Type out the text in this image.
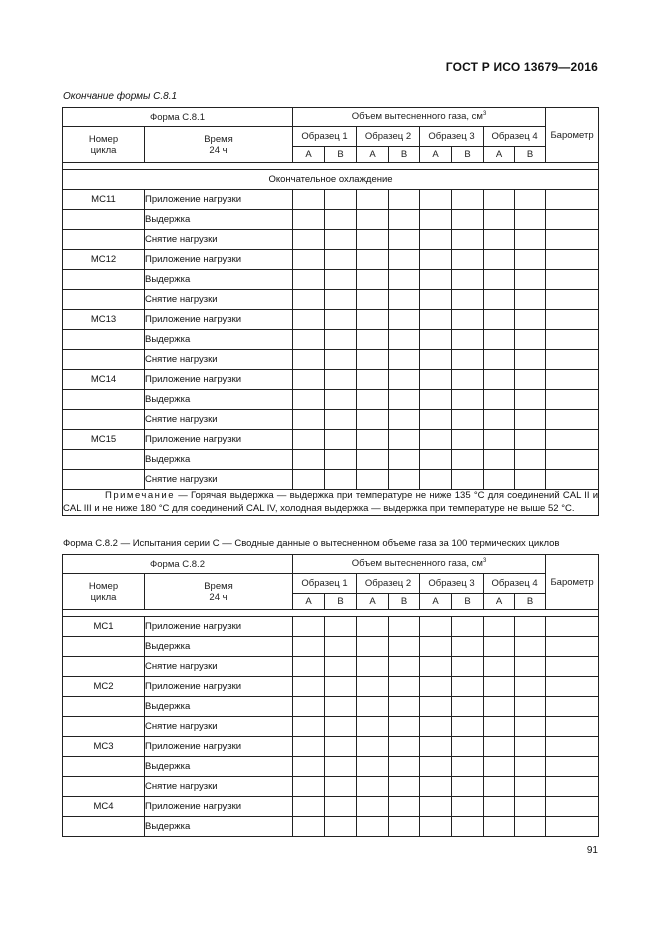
ГОСТ Р ИСО 13679—2016
Окончание формы С.8.1
Форма С.8.1		Объем вытесненного газа, $см^3$								Барометр
Номер
цикла	Время
24 ч	Образец 1		Образец 2		Образец 3		Образец 4		
		А	В	А	В	А	В	А	В	

Окончательное охлаждение										
MC11	Приложение нагрузки									
	Выдержка									
	Снятие нагрузки									
MC12	Приложение нагрузки									
	Выдержка									
	Снятие нагрузки									
MC13	Приложение нагрузки									
	Выдержка									
	Снятие нагрузки									
MC14	Приложение нагрузки									
	Выдержка									
	Снятие нагрузки									
MC15	Приложение нагрузки									
	Выдержка									
	Снятие нагрузки									
Примечание — Горячая выдержка — выдержка при температуре не ниже 135 °С для соединений CAL II и CAL III и не ниже 180 °С для соединений CAL IV, холодная выдержка — выдержка при температуре не выше 52 °С.										
Форма С.8.2 — Испытания серии С — Сводные данные о вытесненном объеме газа за 100 термических циклов
Форма С.8.2		Объем вытесненного газа, $см^3$								Барометр
Номер
цикла	Время
24 ч	Образец 1		Образец 2		Образец 3		Образец 4		
		А	В	А	В	А	В	А	В	

MC1	Приложение нагрузки									
	Выдержка									
	Снятие нагрузки									
MC2	Приложение нагрузки									
	Выдержка									
	Снятие нагрузки									
MC3	Приложение нагрузки									
	Выдержка									
	Снятие нагрузки									
MC4	Приложение нагрузки									
	Выдержка									
91
